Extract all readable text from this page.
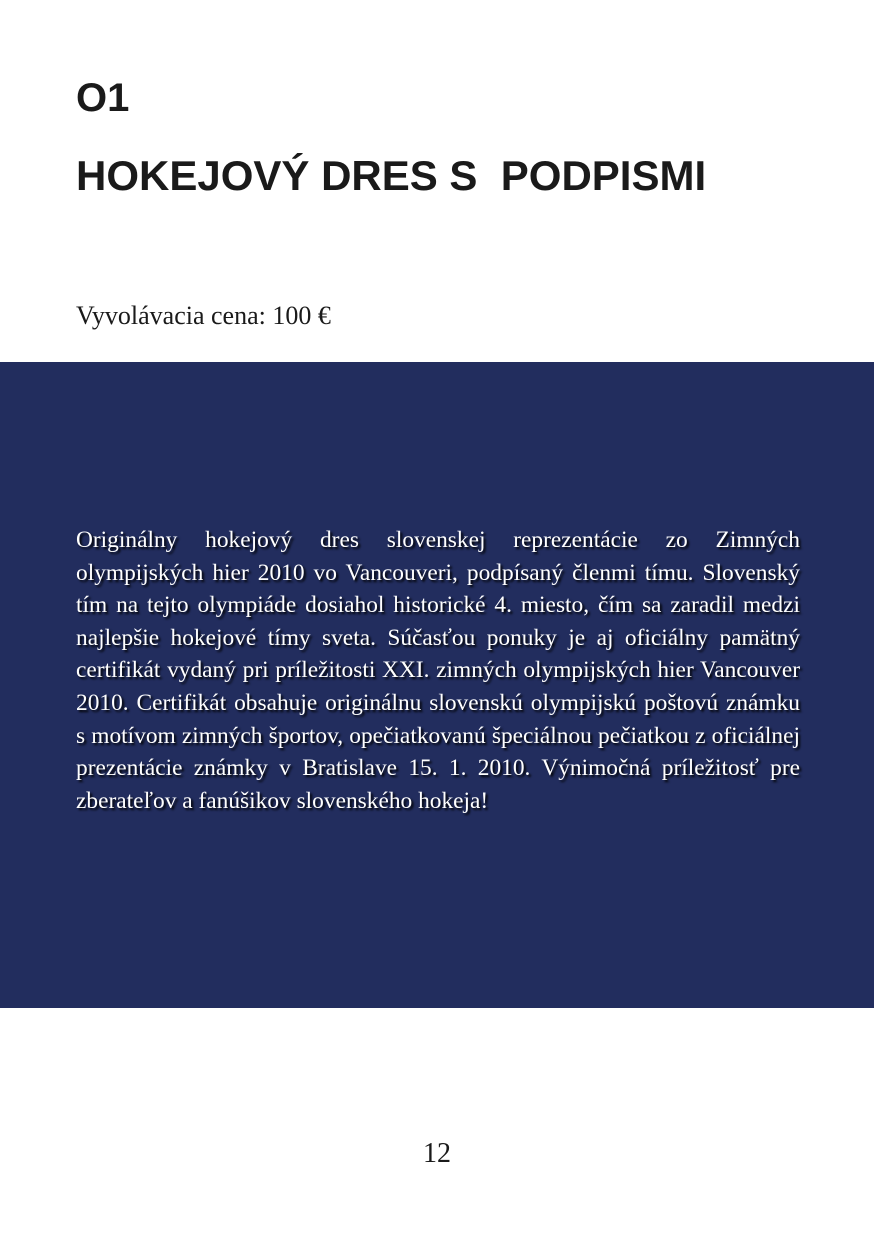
O1
HOKEJOVÝ DRES S  PODPISMI
Vyvolávacia cena: 100 €

Originálny hokejový dres slovenskej reprezentácie zo Zimných olympijských hier 2010 vo Vancouveri, podpísaný členmi tímu. Slovenský tím na tejto olympiáde dosiahol historické 4. miesto, čím sa zaradil medzi najlepšie hokejové tímy sveta. Súčasťou ponuky je aj oficiálny pamätný certifikát vydaný pri príležitosti XXI. zimných olympijských hier Vancouver 2010. Certifikát obsahuje originálnu slovenskú olympijskú poštovú známku s motívom zimných športov, opečiatkovanú špeciálnou pečiatkou z oficiálnej prezentácie známky v Bratislave 15. 1. 2010. Výnimočná príležitosť pre zberateľov a fanúšikov slovenského hokeja!

12
